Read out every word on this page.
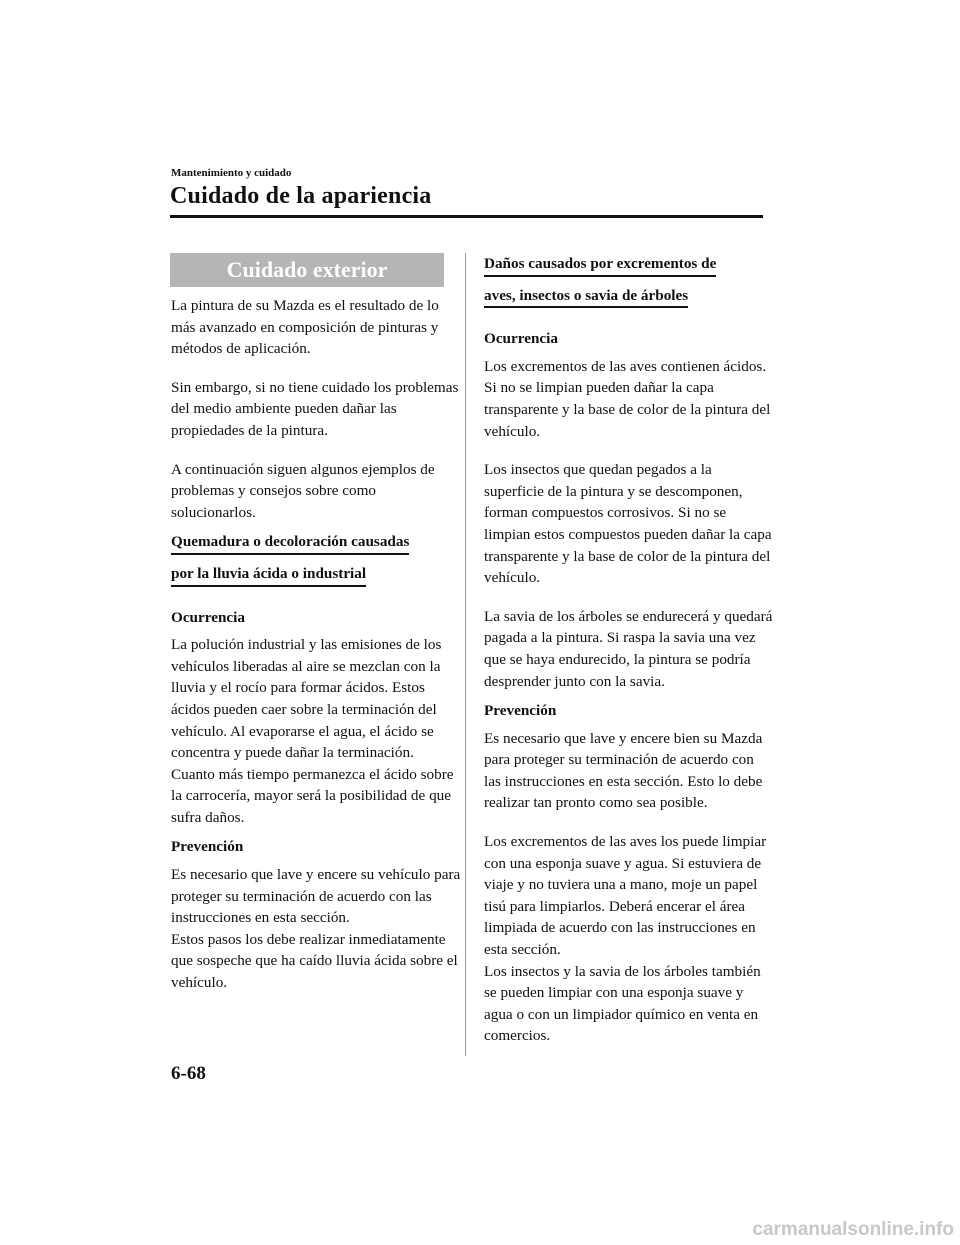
Mantenimiento y cuidado
Cuidado de la apariencia
Cuidado exterior

La pintura de su Mazda es el resultado de lo más avanzado en composición de pinturas y métodos de aplicación.

Sin embargo, si no tiene cuidado los problemas del medio ambiente pueden dañar las propiedades de la pintura.

A continuación siguen algunos ejemplos de problemas y consejos sobre como solucionarlos.

Quemadura o decoloración causadas
por la lluvia ácida o industrial
Ocurrencia
La polución industrial y las emisiones de los vehículos liberadas al aire se mezclan con la lluvia y el rocío para formar ácidos. Estos ácidos pueden caer sobre la terminación del vehículo. Al evaporarse el agua, el ácido se concentra y puede dañar la terminación.

Cuanto más tiempo permanezca el ácido sobre la carrocería, mayor será la posibilidad de que sufra daños.

Prevención
Es necesario que lave y encere su vehículo para proteger su terminación de acuerdo con las instrucciones en esta sección.
Estos pasos los debe realizar inmediatamente que sospeche que ha caído lluvia ácida sobre el vehículo.
Daños causados por excrementos de
aves, insectos o savia de árboles
Ocurrencia

Los excrementos de las aves contienen ácidos. Si no se limpian pueden dañar la capa transparente y la base de color de la pintura del vehículo.

Los insectos que quedan pegados a la superficie de la pintura y se descomponen, forman compuestos corrosivos. Si no se limpian estos compuestos pueden dañar la capa transparente y la base de color de la pintura del vehículo.

La savia de los árboles se endurecerá y quedará pagada a la pintura. Si raspa la savia una vez que se haya endurecido, la pintura se podría desprender junto con la savia.

Prevención

Es necesario que lave y encere bien su Mazda para proteger su terminación de acuerdo con las instrucciones en esta sección. Esto lo debe realizar tan pronto como sea posible.

Los excrementos de las aves los puede limpiar con una esponja suave y agua. Si estuviera de viaje y no tuviera una a mano, moje un papel tisú para limpiarlos. Deberá encerar el área limpiada de acuerdo con las instrucciones en esta sección.
Los insectos y la savia de los árboles también se pueden limpiar con una esponja suave y agua o con un limpiador químico en venta en comercios.
6-68
carmanualsonline.info
